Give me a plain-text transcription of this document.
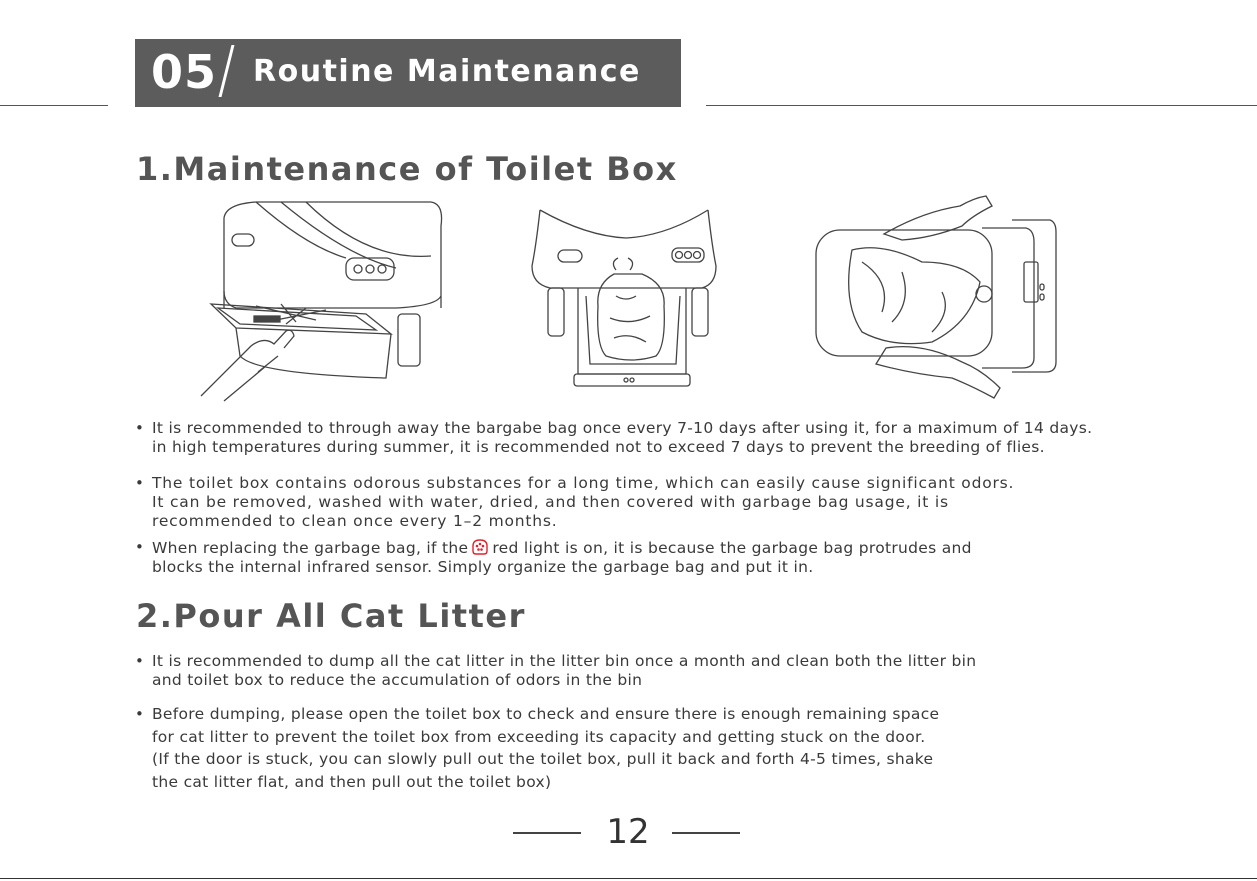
05 Routine Maintenance
1.Maintenance of Toilet Box
• It is recommended to through away the bargabe bag once every 7-10 days after using it, for a maximum of 14 days.
in high temperatures during summer, it is recommended not to exceed 7 days to prevent the breeding of flies.
• The toilet box contains odorous substances for a long time, which can easily cause significant odors.
It can be removed, washed with water, dried, and then covered with garbage bag usage, it is
recommended to clean once every 1–2 months.
• When replacing the garbage bag, if the red light is on, it is because the garbage bag protrudes and
blocks the internal infrared sensor. Simply organize the garbage bag and put it in.
2.Pour All Cat Litter
• It is recommended to dump all the cat litter in the litter bin once a month and clean both the litter bin
and toilet box to reduce the accumulation of odors in the bin
• Before dumping, please open the toilet box to check and ensure there is enough remaining space
for cat litter to prevent the toilet box from exceeding its capacity and getting stuck on the door.
(If the door is stuck, you can slowly pull out the toilet box, pull it back and forth 4-5 times, shake
the cat litter flat, and then pull out the toilet box)
12
